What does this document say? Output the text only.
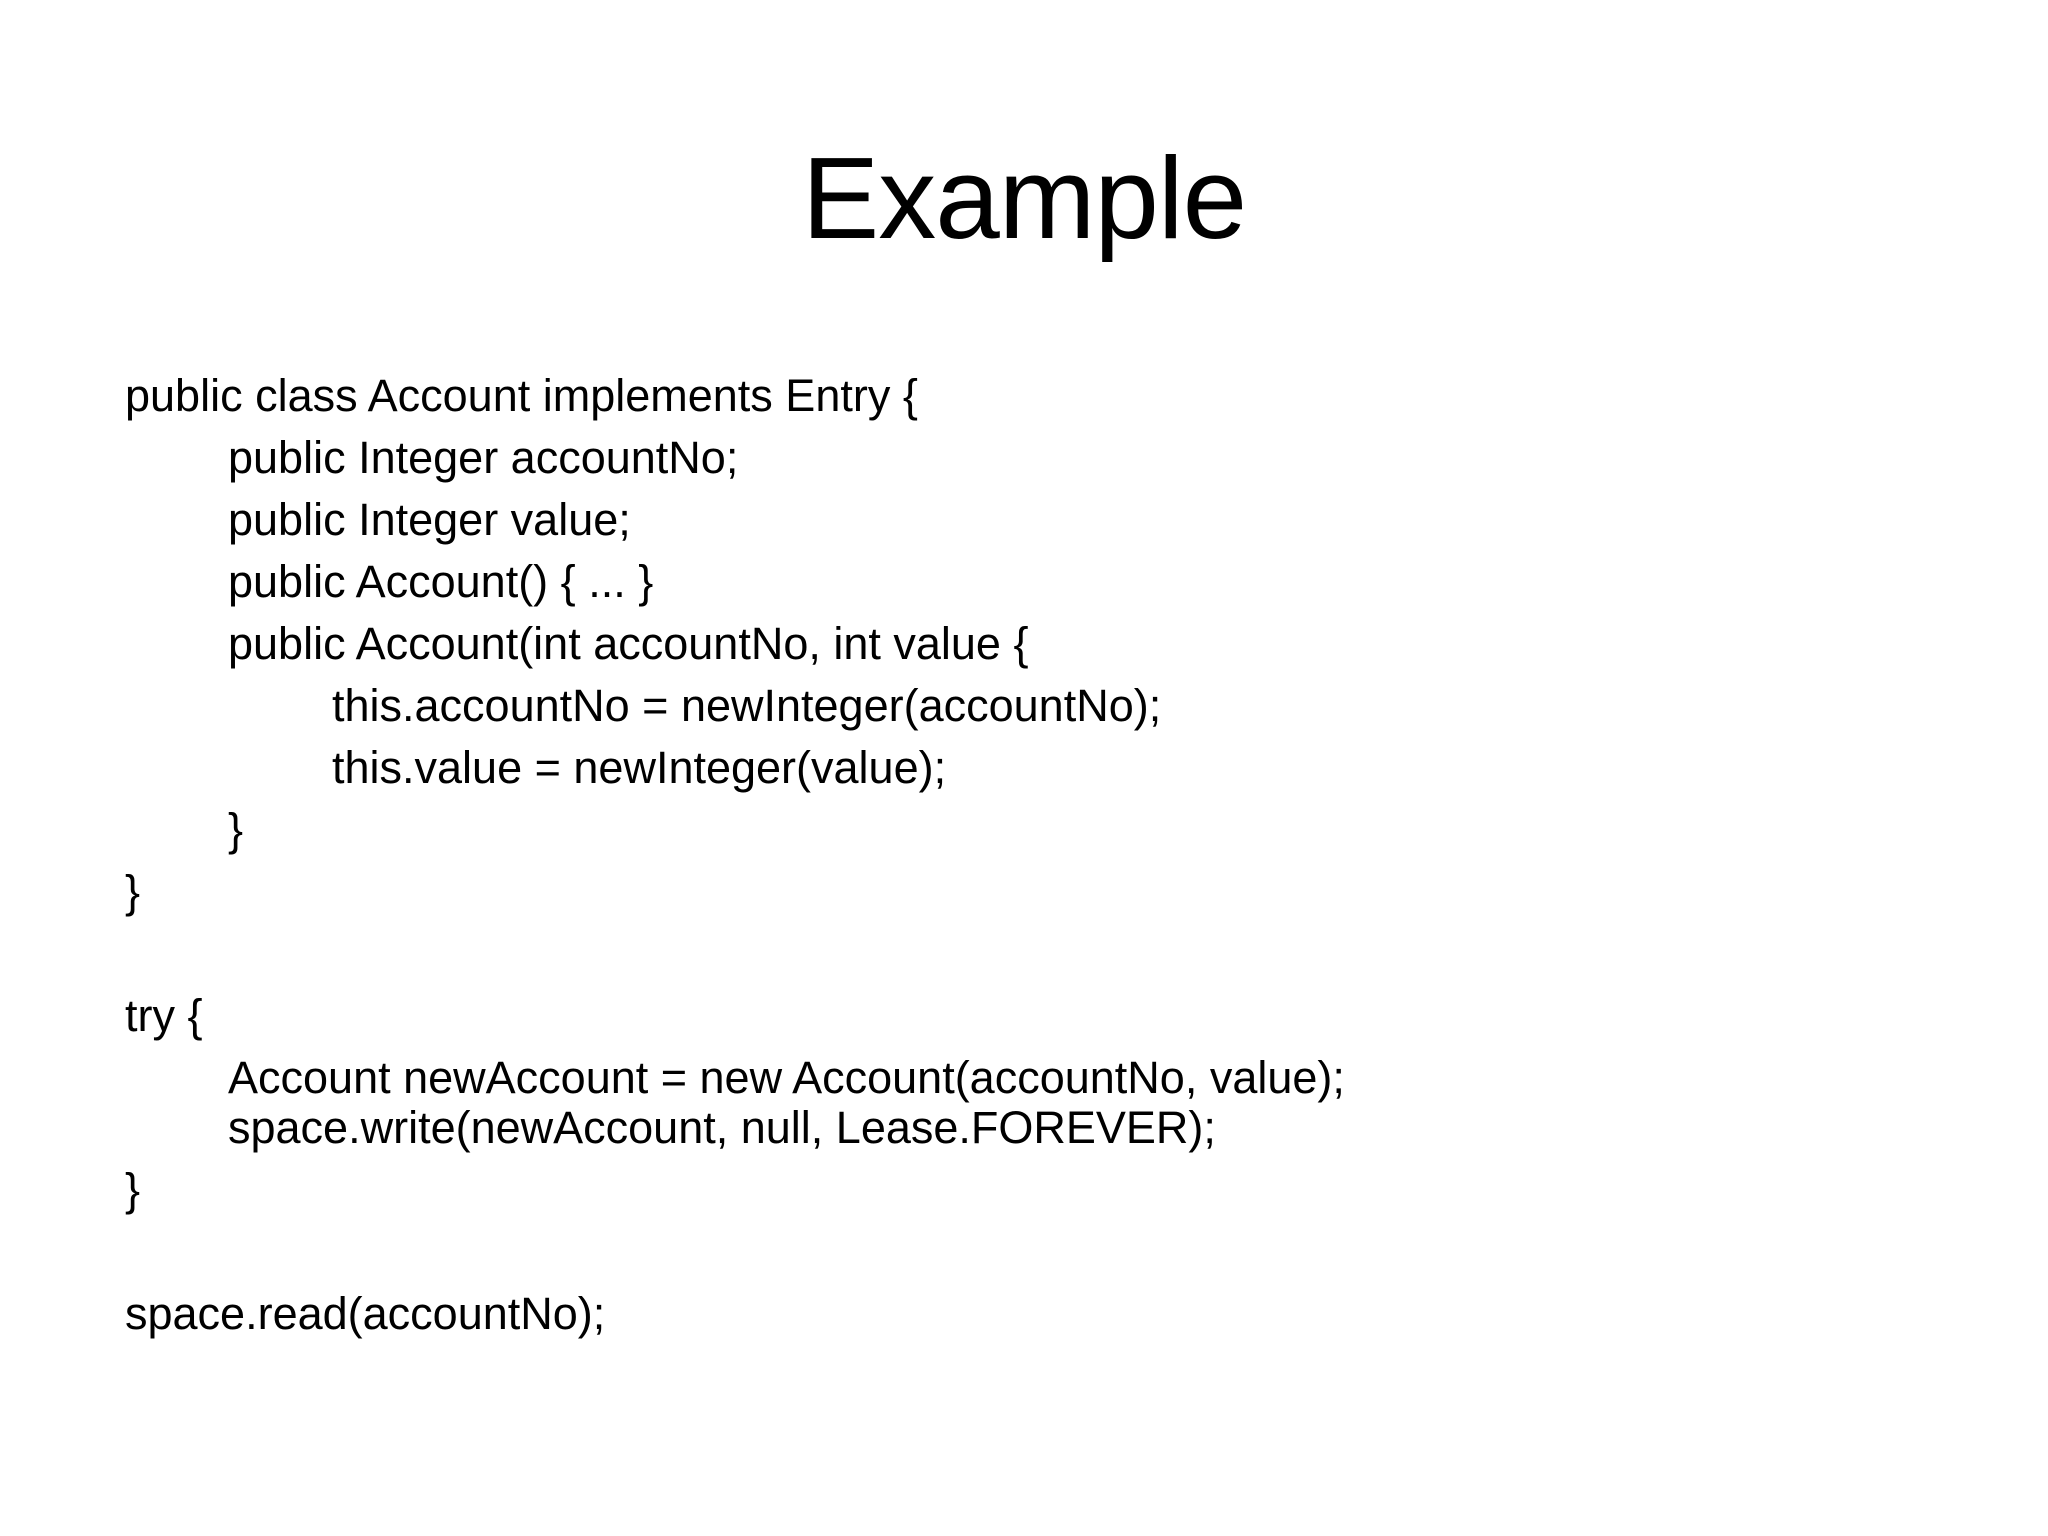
Example
public class Account implements Entry {
public Integer accountNo;
public Integer value;
public Account() { ... }
public Account(int accountNo, int value {
this.accountNo = newInteger(accountNo);
this.value = newInteger(value);
}
}
try {
Account newAccount = new Account(accountNo, value);
space.write(newAccount, null, Lease.FOREVER);
}
space.read(accountNo);
